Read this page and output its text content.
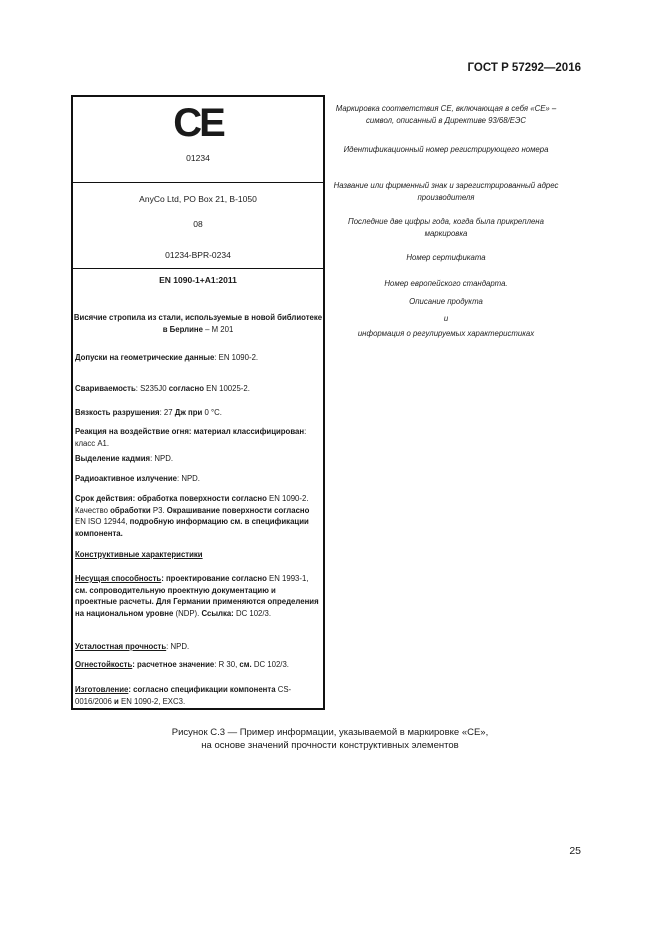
ГОСТ Р 57292—2016
CE
01234
AnyCo Ltd, PO Box 21, B-1050
08
01234-BPR-0234
EN 1090-1+A1:2011
Висячие стропила из стали, используемые в новой библиотеке в Берлине – M 201
Допуски на геометрические данные: EN 1090-2.
Свариваемость: S235J0 согласно EN 10025-2.
Вязкость разрушения: 27 Дж при 0 °C.
Реакция на воздействие огня: материал классифицирован: класс A1.
Выделение кадмия: NPD.
Радиоактивное излучение: NPD.
Срок действия: обработка поверхности согласно EN 1090-2. Качество обработки P3. Окрашивание поверхности согласно EN ISO 12944, подробную информацию см. в спецификации компонента.
Конструктивные характеристики
Несущая способность: проектирование согласно EN 1993-1, см. сопроводительную проектную документацию и проектные расчеты. Для Германии применяются определения на национальном уровне (NDP). Ссылка: DC 102/3.
Усталостная прочность: NPD.
Огнестойкость: расчетное значение: R 30, см. DC 102/3.
Изготовление: согласно спецификации компонента CS-0016/2006 и EN 1090-2, EXC3.
Маркировка соответствия СЕ, включающая в себя «СЕ» – символ, описанный в Директиве 93/68/ЕЭС
Идентификационный номер регистрирующего номера
Название или фирменный знак и зарегистрированный адрес производителя
Последние две цифры года, когда была прикреплена маркировка
Номер сертификата
Номер европейского стандарта.
Описание продукта
и
информация о регулируемых характеристиках
Рисунок С.3 — Пример информации, указываемой в маркировке «СЕ»,
на основе значений прочности конструктивных элементов
25
